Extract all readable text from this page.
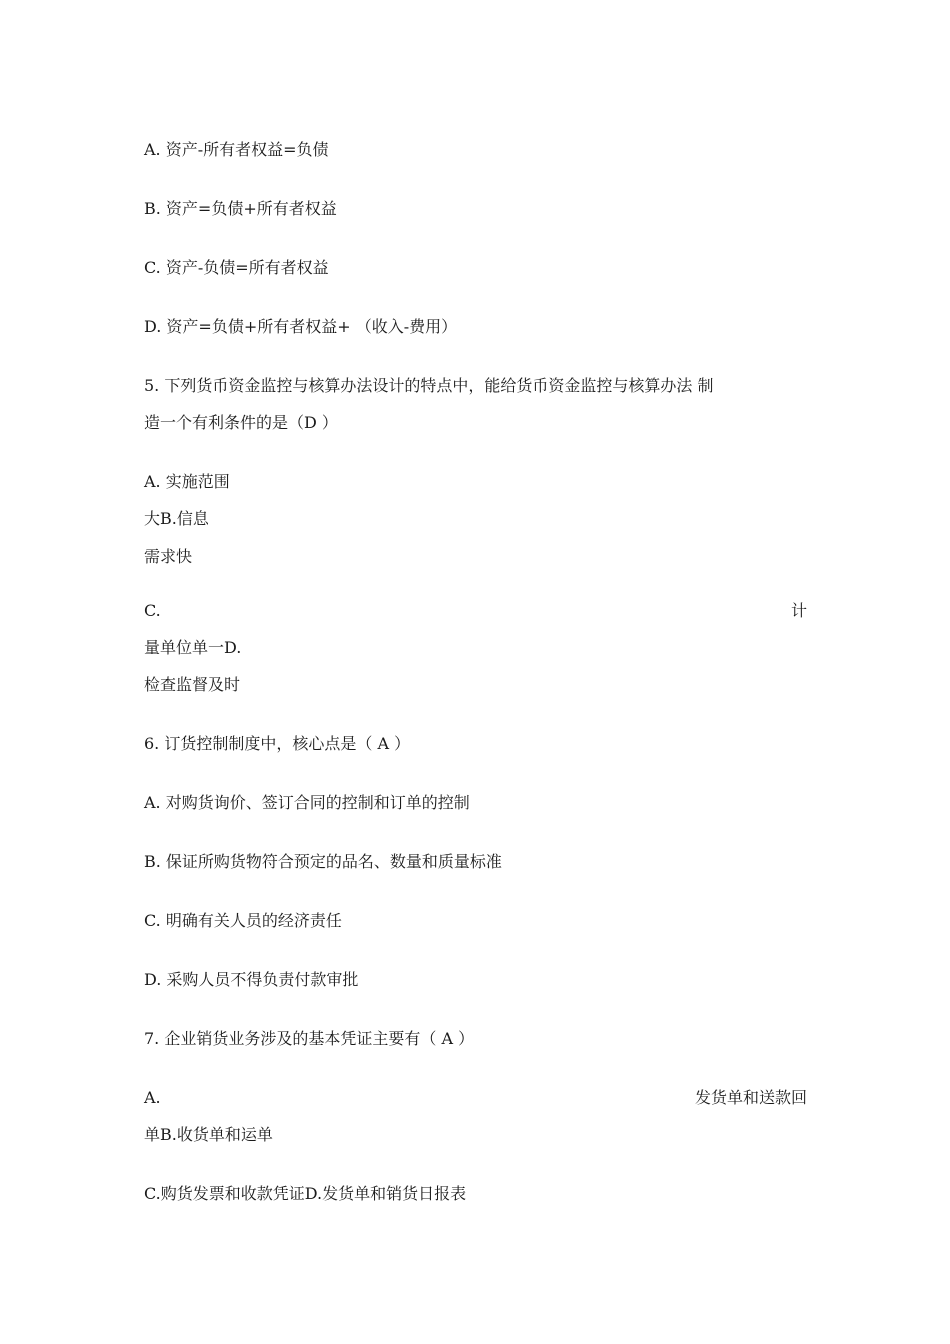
A. 资产-所有者权益=负债
B. 资产=负债+所有者权益
C. 资产-负债=所有者权益
D. 资产=负债+所有者权益+ （收入-费用）
5. 下列货币资金监控与核算办法设计的特点中，能给货币资金监控与核算办法 制
造一个有利条件的是（D ）
A. 实施范围
大B.信息
需求快
C.	计
量单位单一D.
检查监督及时
6. 订货控制制度中，核心点是（ A ）
A. 对购货询价、签订合同的控制和订单的控制
B. 保证所购货物符合预定的品名、数量和质量标准
C. 明确有关人员的经济责任
D. 采购人员不得负责付款审批
7. 企业销货业务涉及的基本凭证主要有（ A ）
A.	发货单和送款回
单B.收货单和运单
C.购货发票和收款凭证D.发货单和销货日报表
